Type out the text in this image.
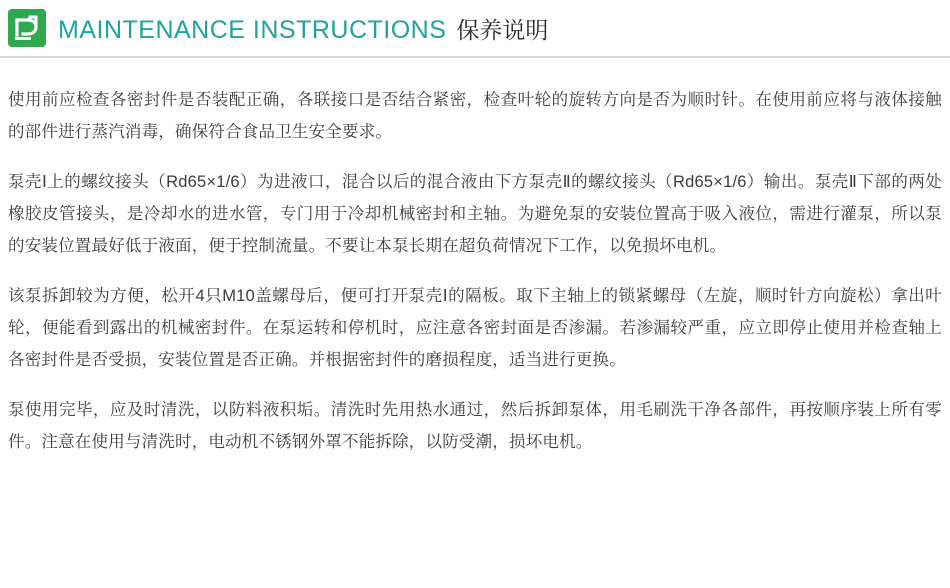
MAINTENANCE INSTRUCTIONS 保养说明

使用前应检查各密封件是否装配正确，各联接口是否结合紧密，检查叶轮的旋转方向是否为顺时针。在使用前应将与液体接触的部件进行蒸汽消毒，确保符合食品卫生安全要求。

泵壳Ⅰ上的螺纹接头（Rd65×1/6）为进液口，混合以后的混合液由下方泵壳Ⅱ的螺纹接头（Rd65×1/6）输出。泵壳Ⅱ下部的两处橡胶皮管接头，是冷却水的进水管，专门用于冷却机械密封和主轴。为避免泵的安装位置高于吸入液位，需进行灌泵，所以泵的安装位置最好低于液面，便于控制流量。不要让本泵长期在超负荷情况下工作，以免损坏电机。

该泵拆卸较为方便，松开4只M10盖螺母后，便可打开泵壳Ⅰ的隔板。取下主轴上的锁紧螺母（左旋，顺时针方向旋松）拿出叶轮，便能看到露出的机械密封件。在泵运转和停机时，应注意各密封面是否渗漏。若渗漏较严重，应立即停止使用并检查轴上各密封件是否受损，安装位置是否正确。并根据密封件的磨损程度，适当进行更换。

泵使用完毕，应及时清洗，以防料液积垢。清洗时先用热水通过，然后拆卸泵体，用毛刷洗干净各部件，再按顺序装上所有零件。注意在使用与清洗时，电动机不锈钢外罩不能拆除，以防受潮，损坏电机。
